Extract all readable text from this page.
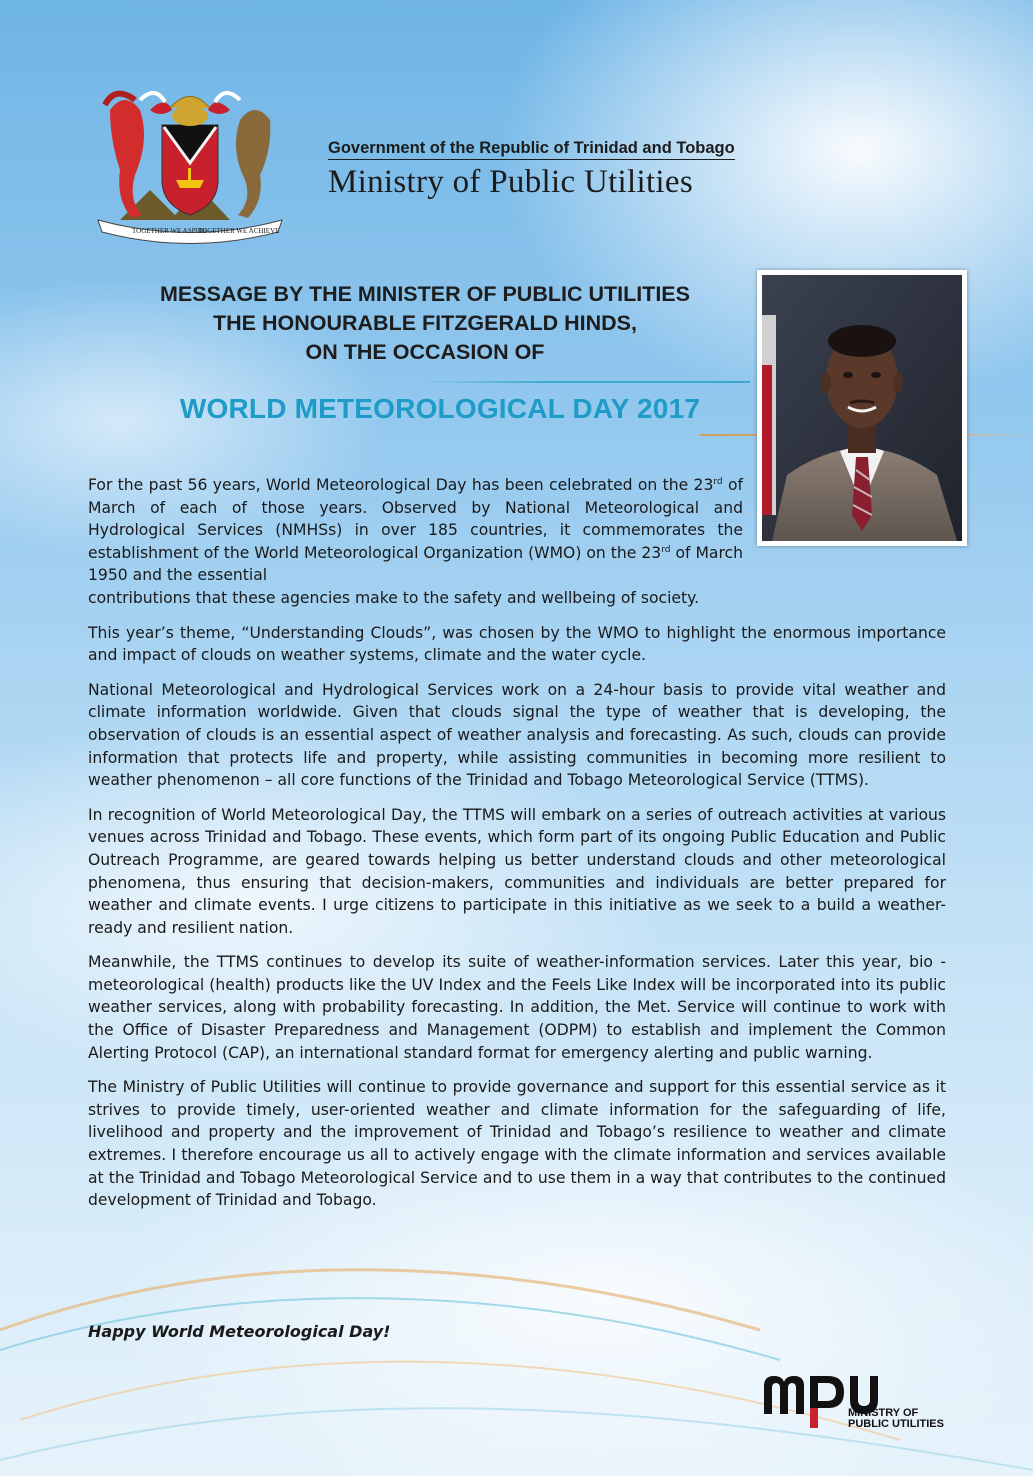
TOGETHER WE ASPIRE
TOGETHER WE ACHIEVE
Government of the Republic of Trinidad and Tobago
Ministry of Public Utilities
MESSAGE BY THE MINISTER OF PUBLIC UTILITIES
THE HONOURABLE FITZGERALD HINDS,
ON THE OCCASION OF
WORLD METEOROLOGICAL DAY 2017

For the past 56 years, World Meteorological Day has been celebrated on the 23rd of March of each of those years. Observed by National Meteorological and Hydrological Services (NMHSs) in over 185 countries, it commemorates the establishment of the World Meteorological Organization (WMO) on the 23rd of March 1950 and the essential

contributions that these agencies make to the safety and wellbeing of society.

This year’s theme, “Understanding Clouds”, was chosen by the WMO to highlight the enormous importance and impact of clouds on weather systems, climate and the water cycle.

National Meteorological and Hydrological Services work on a 24-hour basis to provide vital weather and climate information worldwide. Given that clouds signal the type of weather that is developing, the observation of clouds is an essential aspect of weather analysis and forecasting. As such, clouds can provide information that protects life and property, while assisting communities in becoming more resilient to weather phenomenon – all core functions of the Trinidad and Tobago Meteorological Service (TTMS).

In recognition of World Meteorological Day, the TTMS will embark on a series of outreach activities at various venues across Trinidad and Tobago. These events, which form part of its ongoing Public Education and Public Outreach Programme, are geared towards helping us better understand clouds and other meteorological phenomena, thus ensuring that decision-makers, communities and individuals are better prepared for weather and climate events. I urge citizens to participate in this initiative as we seek to a build a weather-ready and resilient nation.

Meanwhile, the TTMS continues to develop its suite of weather-information services. Later this year, bio - meteorological (health) products like the UV Index and the Feels Like Index will be incorporated into its public weather services, along with probability forecasting. In addition, the Met. Service will continue to work with the Office of Disaster Preparedness and Management (ODPM) to establish and implement the Common Alerting Protocol (CAP), an international standard format for emergency alerting and public warning.

The Ministry of Public Utilities will continue to provide governance and support for this essential service as it strives to provide timely, user-oriented weather and climate information for the safeguarding of life, livelihood and property and the improvement of Trinidad and Tobago’s resilience to weather and climate extremes. I therefore encourage us all to actively engage with the climate information and services available at the Trinidad and Tobago Meteorological Service and to use them in a way that contributes to the continued development of Trinidad and Tobago.

Happy World Meteorological Day!
MINISTRY OF
PUBLIC UTILITIES
